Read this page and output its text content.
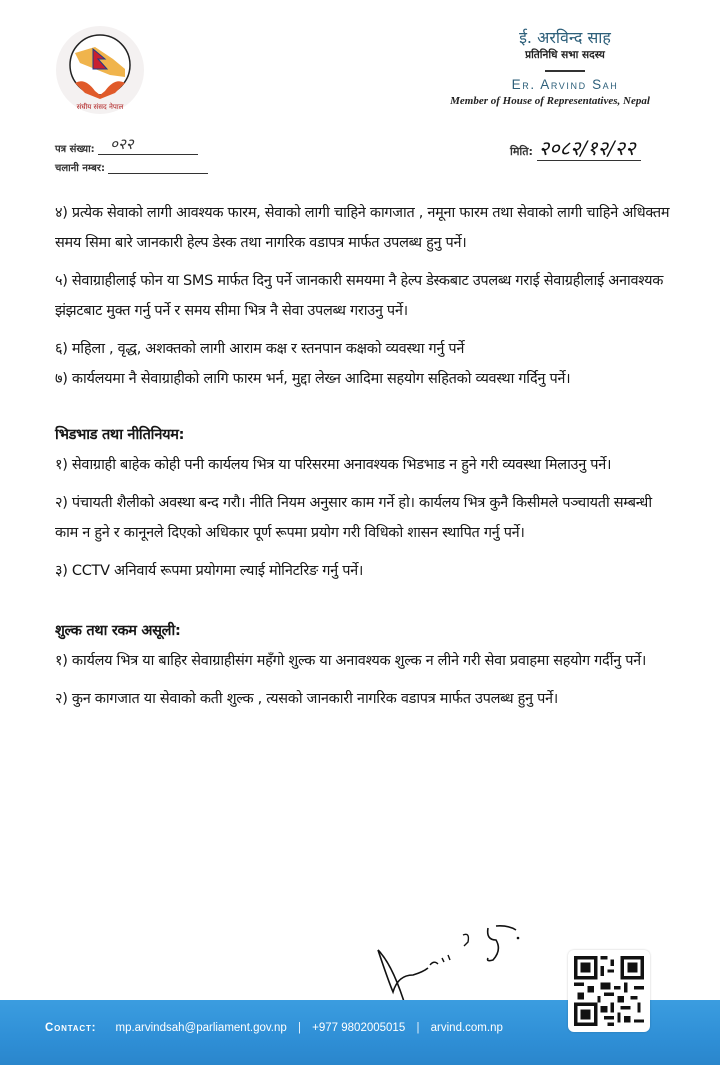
संघीय संसद नेपाल
ई. अरविन्द साह
प्रतिनिधि सभा सदस्य
Er. Arvind Sah
Member of House of Representatives, Nepal
पत्र संख्या: ०२२
चलानी नम्बर:
मिति: २०८२/१२/२२

४) प्रत्येक सेवाको लागी आवश्यक फारम, सेवाको लागी चाहिने कागजात , नमूना फारम तथा सेवाको लागी चाहिने अधिक्तम समय सिमा बारे जानकारी हेल्प डेस्क तथा नागरिक वडापत्र मार्फत उपलब्ध हुनु पर्ने।

५) सेवाग्राहीलाई फोन या SMS मार्फत दिनु पर्ने जानकारी समयमा नै हेल्प डेस्कबाट उपलब्ध गराई सेवाग्रहीलाई अनावश्यक झंझटबाट मुक्त गर्नु पर्ने र समय सीमा भित्र नै सेवा उपलब्ध गराउनु पर्ने।

६) महिला , वृद्ध, अशक्तको लागी आराम कक्ष र स्तनपान कक्षको व्यवस्था गर्नु पर्ने

७) कार्यलयमा नै सेवाग्राहीको लागि फारम भर्न, मुद्दा लेख्न आदिमा सहयोग सहितको व्यवस्था गर्दिनु पर्ने।

भिडभाड तथा नीतिनियम:

१) सेवाग्राही बाहेक कोही पनी कार्यलय भित्र या परिसरमा अनावश्यक भिडभाड न हुने गरी व्यवस्था मिलाउनु पर्ने।

२) पंचायती शैलीको अवस्था बन्द गरौ। नीति नियम अनुसार काम गर्ने हो। कार्यलय भित्र कुनै किसीमले पञ्चायती सम्बन्धी काम न हुने र कानूनले दिएको अधिकार पूर्ण रूपमा प्रयोग गरी विधिको शासन स्थापित गर्नु पर्ने।

३) CCTV अनिवार्य रूपमा प्रयोगमा ल्याई मोनिटरिङ गर्नु पर्ने।

शुल्क तथा रकम असूली:

१) कार्यलय भित्र या बाहिर सेवाग्राहीसंग महँगो शुल्क या अनावश्यक शुल्क न लीने गरी सेवा प्रवाहमा सहयोग गर्दीनु पर्ने।

२) कुन कागजात या सेवाको कती शुल्क , त्यसको जानकारी नागरिक वडापत्र मार्फत उपलब्ध हुनु पर्ने।

Contact: mp.arvindsah@parliament.gov.np | +977 9802005015 | arvind.com.np
